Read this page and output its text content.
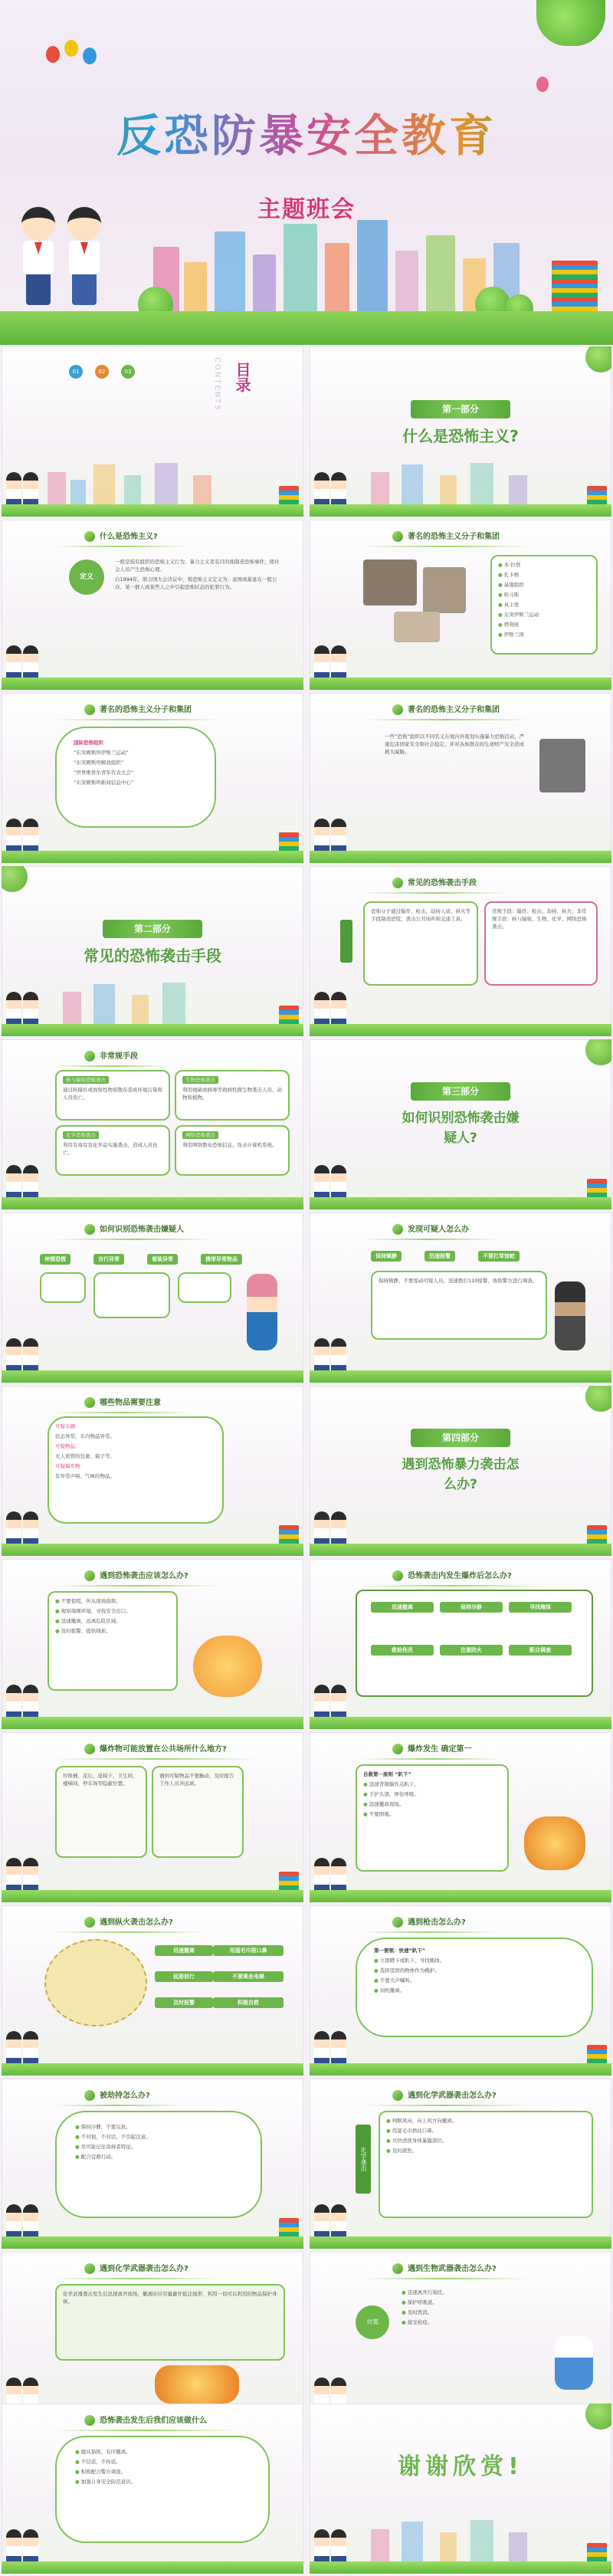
反恐防暴安全教育
主题班会
01	02	03	目录
CONTENTS	第一部分
什么是恐怖主义?
什么是恐怖主义?
定义
一般是指有组织的恐怖主义行为，暴力主义者有目的地制造恐怖事件，使社会人员产生恐惧心理。
自1994年，联合国大会决议中，将恐怖主义定义为：意图或蓄意在一般公众、某一群人或某些人之中引起恐怖状态的犯罪行为。
著名的恐怖主义分子和集团
● 本·拉登
● 扎卡维
● 基地组织
● 哈马斯
● 真主党
● 东突伊斯兰运动
● 塔利班
● 伊斯兰国
著名的恐怖主义分子和集团
国际恐怖组织
“东突厥斯坦伊斯兰运动”
“东突厥斯坦解放组织”
“世界维吾尔青年代表大会”
“东突厥斯坦新闻信息中心”
著名的恐怖主义分子和集团
一些“恐怖”组织以不同名义在境内外策划实施暴力恐怖活动，严重危害国家安全和社会稳定，并对各族群众的生命财产安全造成极大威胁。
第二部分
常见的恐怖袭击手段
常见的恐怖袭击手段
恐怖分子通过爆炸、枪击、劫持人质、纵火等手段制造恐慌，袭击公共场所和交通工具。
常规手段：爆炸、枪击、劫持、纵火；非常规手段：核与辐射、生物、化学、网络恐怖袭击。
非常规手段
核与辐射恐怖袭击
通过核爆炸或放射性物质散布造成环境污染和人员伤亡。
生物恐怖袭击
利用细菌或病毒等致病性微生物袭击人员、动物和植物。
化学恐怖袭击
利用有毒有害化学品实施袭击，造成人员伤亡。
网络恐怖袭击
利用网络散布恐怖信息、攻击计算机系统。
第三部分
如何识别恐怖袭击嫌疑人?
如何识别恐怖袭击嫌疑人
神情恐慌	言行异常	着装异常	携带异常物品
发现可疑人怎么办
保持镇静	迅速报警	不要打草惊蛇
保持镇静，不要惊动可疑人员，迅速拨打110报警，协助警方进行调查。
哪些物品需要注意
可疑车辆：
状态异常，车内物品异常。
可疑物品：
无人看管的包裹、箱子等。
可疑爆炸物：
有异常声响、气味的物品。
第四部分
遇到恐怖暴力袭击怎么办?
遇到恐怖袭击应该怎么办?
● 不要惊慌，听从现场指挥。
● 观察周围环境，寻找安全出口。
● 迅速撤离，远离危险区域。
● 及时报警，提供线索。
恐怖袭击内发生爆炸后怎么办?
迅速撤离	保持冷静	寻找掩体
救助伤员	注意防火	配合调查
爆炸物可能放置在公共场所什么地方?
垃圾桶、花坛、座椅下、卫生间、楼梯间、停车场等隐蔽位置。
遇到可疑物品不要触动，及时报告工作人员并远离。
爆炸发生 确定第一
自救第一原则 “趴下”
● 迅速背朝爆炸点趴下。
● 手护头部，屏住呼吸。
● 迅速撤离现场。
● 不要围观。
遇到纵火袭击怎么办?
迅速撤离	用湿毛巾捂口鼻
低姿前行	不要乘坐电梯
及时报警	积极自救
遇到枪击怎么办?
第一要领：快速“趴下”
● 立即蹲下或趴下，寻找掩体。
● 选择坚固的物体作为掩护。
● 不要大声喊叫。
● 伺机撤离。
被劫持怎么办?
● 保持冷静，不要反抗。
● 不对视，不对话，不引起注意。
● 尽可能记住劫持者特征。
● 配合营救行动。
遇到化学武器袭击怎么办?
化学袭击
● 判断风向，向上风方向撤离。
● 用湿毛巾捂住口鼻。
● 尽快清洗身体暴露部位。
● 及时就医。
遇到化学武器袭击怎么办?
化学武器袭击发生后迅速离开现场，撤离时应尽量避开低洼地带，利用一切可以利用的物品保护身体。
遇到生物武器袭击怎么办?
对策
● 迅速离开污染区。
● 保护呼吸道。
● 及时洗消。
● 接受检疫。
恐怖袭击发生后我们应该做什么
● 服从指挥，有序撤离。
● 不信谣，不传谣。
● 积极配合警方调查。
● 加强自身安全防范意识。
谢谢欣赏!
